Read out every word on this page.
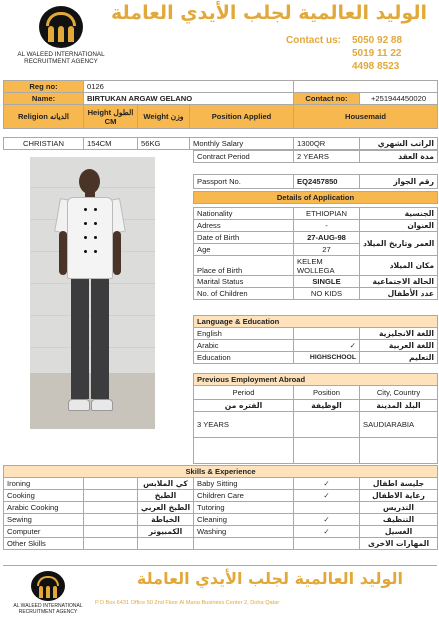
AL WALEED INTERNATIONAL RECRUITMENT AGENCY
الوليد العالمية لجلب الأيدي العاملة
Contact us: 5050 92 88
5019 11 22
4498 8523
Reg no:	0126				
Name:	BIRTUKAN ARGAW GELANO			Contact no:	+251944450020
Religion الديانه	Height الطول CM	Weight وزن	Position Applied	Housemaid	
CHRISTIAN	154CM	56KG	Monthly Salary	1300QR	الراتب الشهري
Contract Period	2 YEARS	مدة العقد

Passport No.	EQ2457850	رقم الجواز
Details of Application		

Nationality	ETHIOPIAN	الجنسية
Adress	-	العنوان
Date of Birth	27-AUG-98	العمر وتاريخ الميلاد
Age	27	
Place of Birth	KELEM WOLLEGA	مكان الميلاد
Marital Status	SINGLE	الحالة الاجتماعية
No. of Children	NO KIDS	عدد الأطفال
Language & Education		
English		اللغة الانجليزية
Arabic	✓	اللغة العربية
Education	HIGHSCHOOL	التعليم
Previous Employment Abroad		
Period	Position	City, Country
الفتره من	الوظيفة	البلد المدينة
3 YEARS		SAUDIARABIA

Skills & Experience					
Ironing		كي الملابس	Baby Sitting	✓	جليسة اطفال
Cooking		الطبخ	Children Care	✓	رعاية الاطفال
Arabic Cooking		الطبخ العربي	Tutoring		التدريس
Sewing		الخياطة	Cleaning	✓	التنظيف
Computer		الكمبيوتر	Washing	✓	الغسيل
Other Skills					المهارات الاخرى
AL WALEED INTERNATIONAL RECRUITMENT AGENCY
الوليد العالمية لجلب الأيدي العاملة
P.O Box 6431 Office 50 2nd Floor Al Mana Business Center 2, Doha Qatar
